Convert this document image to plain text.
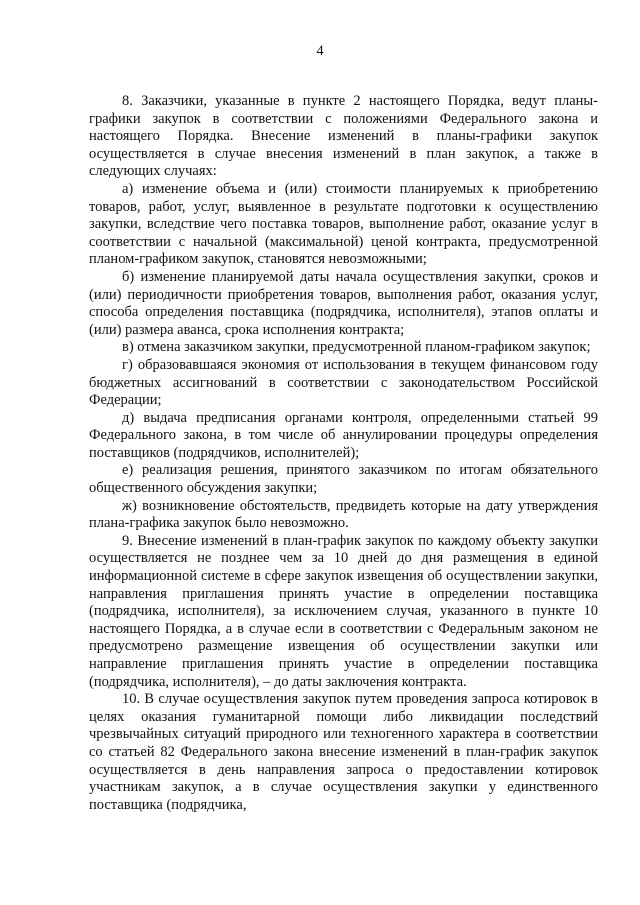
4

8. Заказчики, указанные в пункте 2 настоящего Порядка, ведут планы-графики закупок в соответствии с положениями Федерального закона и настоящего Порядка. Внесение изменений в планы-графики закупок осуществляется в случае внесения изменений в план закупок, а также в следующих случаях:

а) изменение объема и (или) стоимости планируемых к приобретению товаров, работ, услуг, выявленное в результате подготовки к осуществлению закупки, вследствие чего поставка товаров, выполнение работ, оказание услуг в соответствии с начальной (максимальной) ценой контракта, предусмотренной планом-графиком закупок, становятся невозможными;

б) изменение планируемой даты начала осуществления закупки, сроков и (или) периодичности приобретения товаров, выполнения работ, оказания услуг, способа определения поставщика (подрядчика, исполнителя), этапов оплаты и (или) размера аванса, срока исполнения контракта;

в) отмена заказчиком закупки, предусмотренной планом-графиком закупок;

г) образовавшаяся экономия от использования в текущем финансовом году бюджетных ассигнований в соответствии с законодательством Российской Федерации;

д) выдача предписания органами контроля, определенными статьей 99 Федерального закона, в том числе об аннулировании процедуры определения поставщиков (подрядчиков, исполнителей);

е) реализация решения, принятого заказчиком по итогам обязательного общественного обсуждения закупки;

ж) возникновение обстоятельств, предвидеть которые на дату утверждения плана-графика закупок было невозможно.

9. Внесение изменений в план-график закупок по каждому объекту закупки осуществляется не позднее чем за 10 дней до дня размещения в единой информационной системе в сфере закупок извещения об осуществлении закупки, направления приглашения принять участие в определении поставщика (подрядчика, исполнителя), за исключением случая, указанного в пункте 10 настоящего Порядка, а в случае если в соответствии с Федеральным законом не предусмотрено размещение извещения об осуществлении закупки или направление приглашения принять участие в определении поставщика (подрядчика, исполнителя), – до даты заключения контракта.

10. В случае осуществления закупок путем проведения запроса котировок в целях оказания гуманитарной помощи либо ликвидации последствий чрезвычайных ситуаций природного или техногенного характера в соответствии со статьей 82 Федерального закона внесение изменений в план-график закупок осуществляется в день направления запроса о предоставлении котировок участникам закупок, а в случае осуществления закупки у единственного поставщика (подрядчика,
